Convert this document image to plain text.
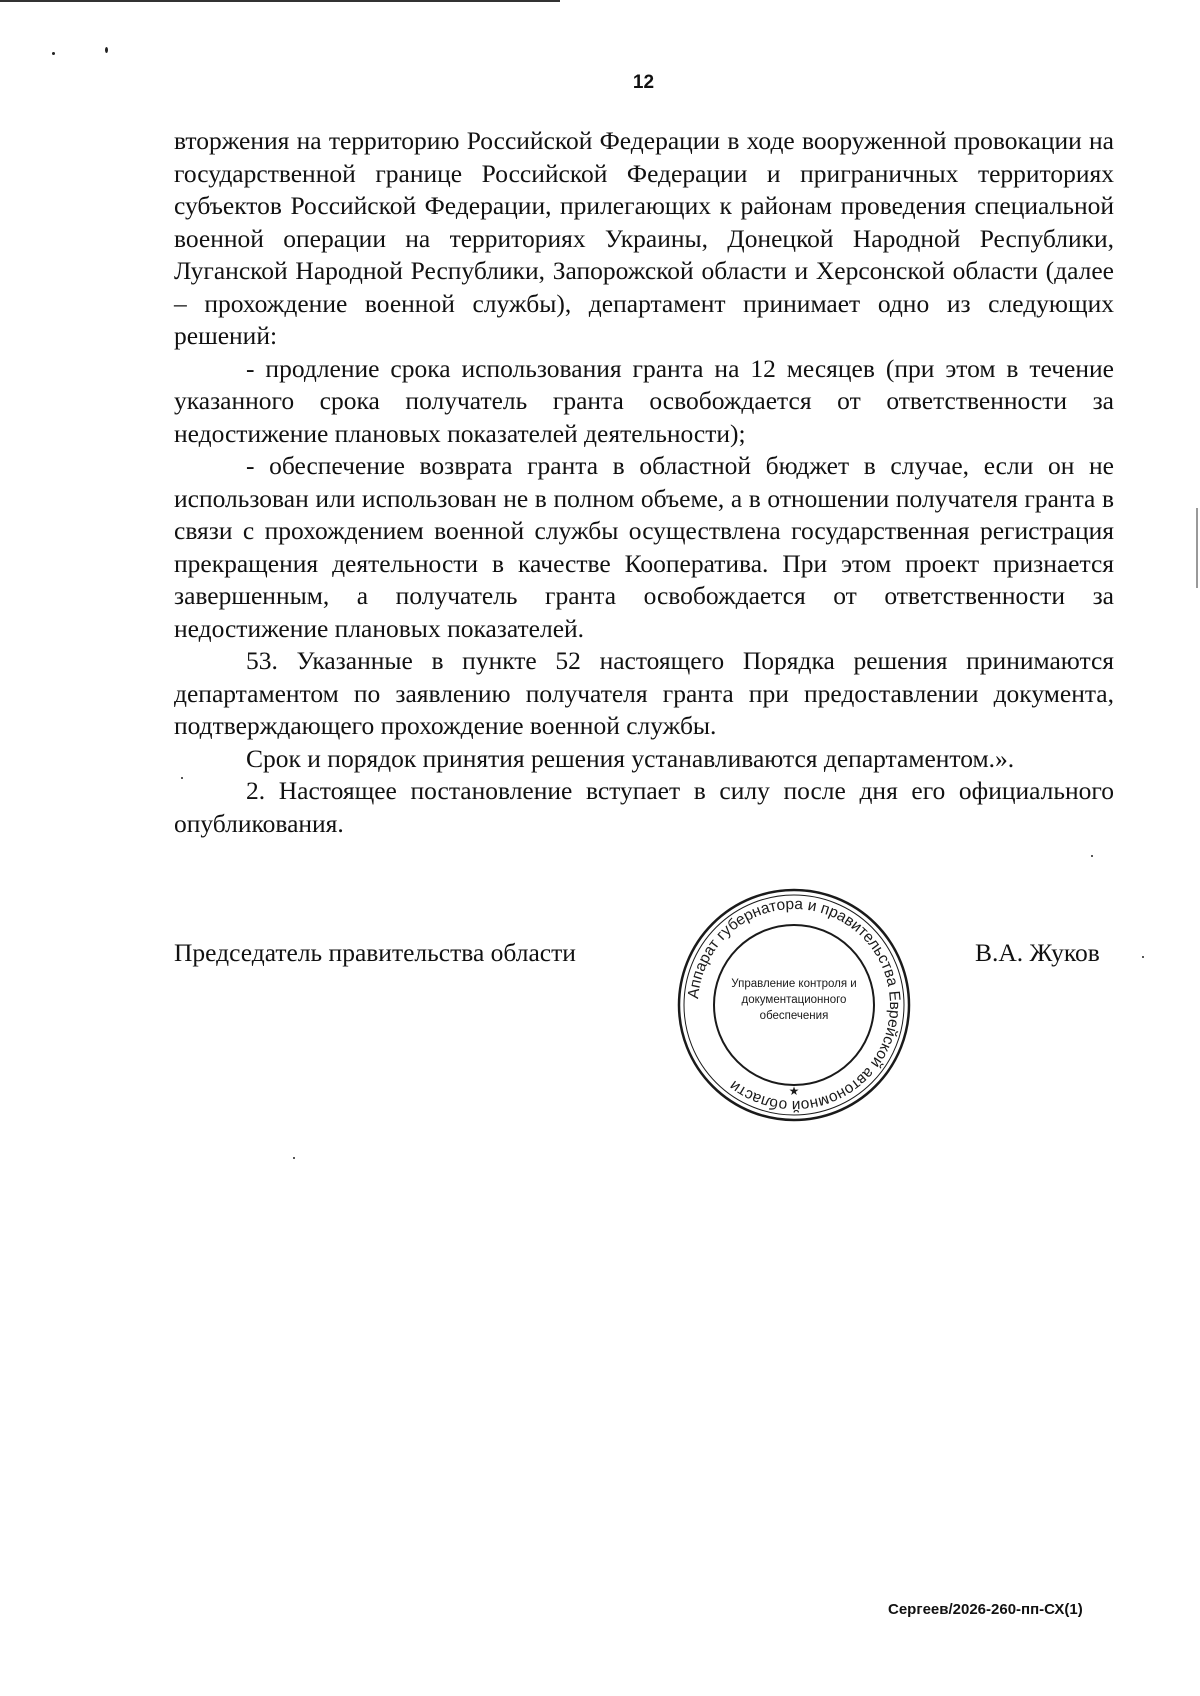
12

вторжения на территорию Российской Федерации в ходе вооруженной провокации на государственной границе Российской Федерации и приграничных территориях субъектов Российской Федерации, прилегающих к районам проведения специальной военной операции на территориях Украины, Донецкой Народной Республики, Луганской Народной Республики, Запорожской области и Херсонской области (далее – прохождение военной службы), департамент принимает одно из следующих решений:

- продление срока использования гранта на 12 месяцев (при этом в течение указанного срока получатель гранта освобождается от ответственности за недостижение плановых показателей деятельности);

- обеспечение возврата гранта в областной бюджет в случае, если он не использован или использован не в полном объеме, а в отношении получателя гранта в связи с прохождением военной службы осуществлена государственная регистрация прекращения деятельности в качестве Кооператива. При этом проект признается завершенным, а получатель гранта освобождается от ответственности за недостижение плановых показателей.

53. Указанные в пункте 52 настоящего Порядка решения принимаются департаментом по заявлению получателя гранта при предоставлении документа, подтверждающего прохождение военной службы.

Срок и порядок принятия решения устанавливаются департаментом.».

2. Настоящее постановление вступает в силу после дня его официального опубликования.

Председатель правительства области	В.А. Жуков
Аппарат губернатора и правительства Еврейской автономной области
Управление контроля и
документационного
обеспечения
★
Сергеев/2026-260-пп-СХ(1)
